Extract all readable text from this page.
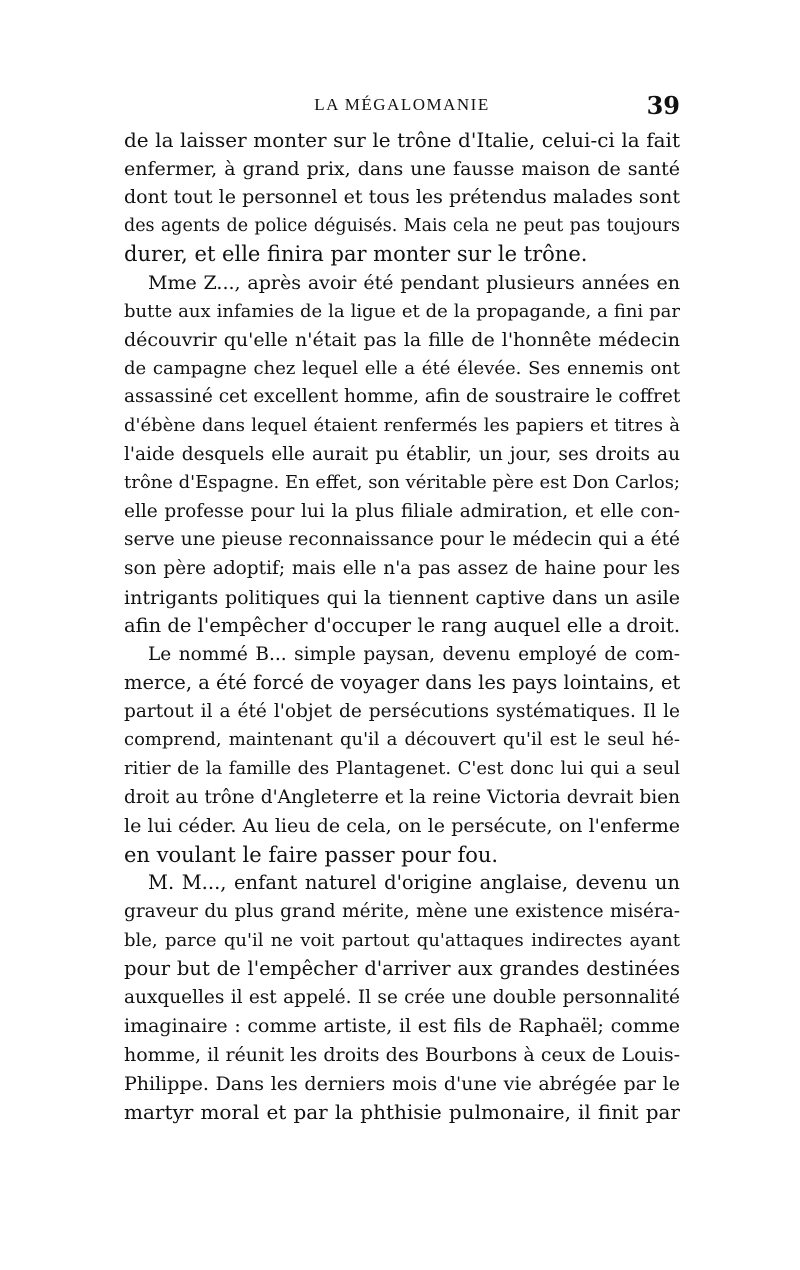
LA MÉGALOMANIE	39
de la laisser monter sur le trône d'Italie, celui-ci la fait
enfermer, à grand prix, dans une fausse maison de santé
dont tout le personnel et tous les prétendus malades sont
des agents de police déguisés. Mais cela ne peut pas toujours
durer, et elle finira par monter sur le trône.
Mme Z..., après avoir été pendant plusieurs années en
butte aux infamies de la ligue et de la propagande, a fini par
découvrir qu'elle n'était pas la fille de l'honnête médecin
de campagne chez lequel elle a été élevée. Ses ennemis ont
assassiné cet excellent homme, afin de soustraire le coffret
d'ébène dans lequel étaient renfermés les papiers et titres à
l'aide desquels elle aurait pu établir, un jour, ses droits au
trône d'Espagne. En effet, son véritable père est Don Carlos;
elle professe pour lui la plus filiale admiration, et elle con-
serve une pieuse reconnaissance pour le médecin qui a été
son père adoptif; mais elle n'a pas assez de haine pour les
intrigants politiques qui la tiennent captive dans un asile
afin de l'empêcher d'occuper le rang auquel elle a droit.
Le nommé B... simple paysan, devenu employé de com-
merce, a été forcé de voyager dans les pays lointains, et
partout il a été l'objet de persécutions systématiques. Il le
comprend, maintenant qu'il a découvert qu'il est le seul hé-
ritier de la famille des Plantagenet. C'est donc lui qui a seul
droit au trône d'Angleterre et la reine Victoria devrait bien
le lui céder. Au lieu de cela, on le persécute, on l'enferme
en voulant le faire passer pour fou.
M. M..., enfant naturel d'origine anglaise, devenu un
graveur du plus grand mérite, mène une existence miséra-
ble, parce qu'il ne voit partout qu'attaques indirectes ayant
pour but de l'empêcher d'arriver aux grandes destinées
auxquelles il est appelé. Il se crée une double personnalité
imaginaire : comme artiste, il est fils de Raphaël; comme
homme, il réunit les droits des Bourbons à ceux de Louis-
Philippe. Dans les derniers mois d'une vie abrégée par le
martyr moral et par la phthisie pulmonaire, il finit par
